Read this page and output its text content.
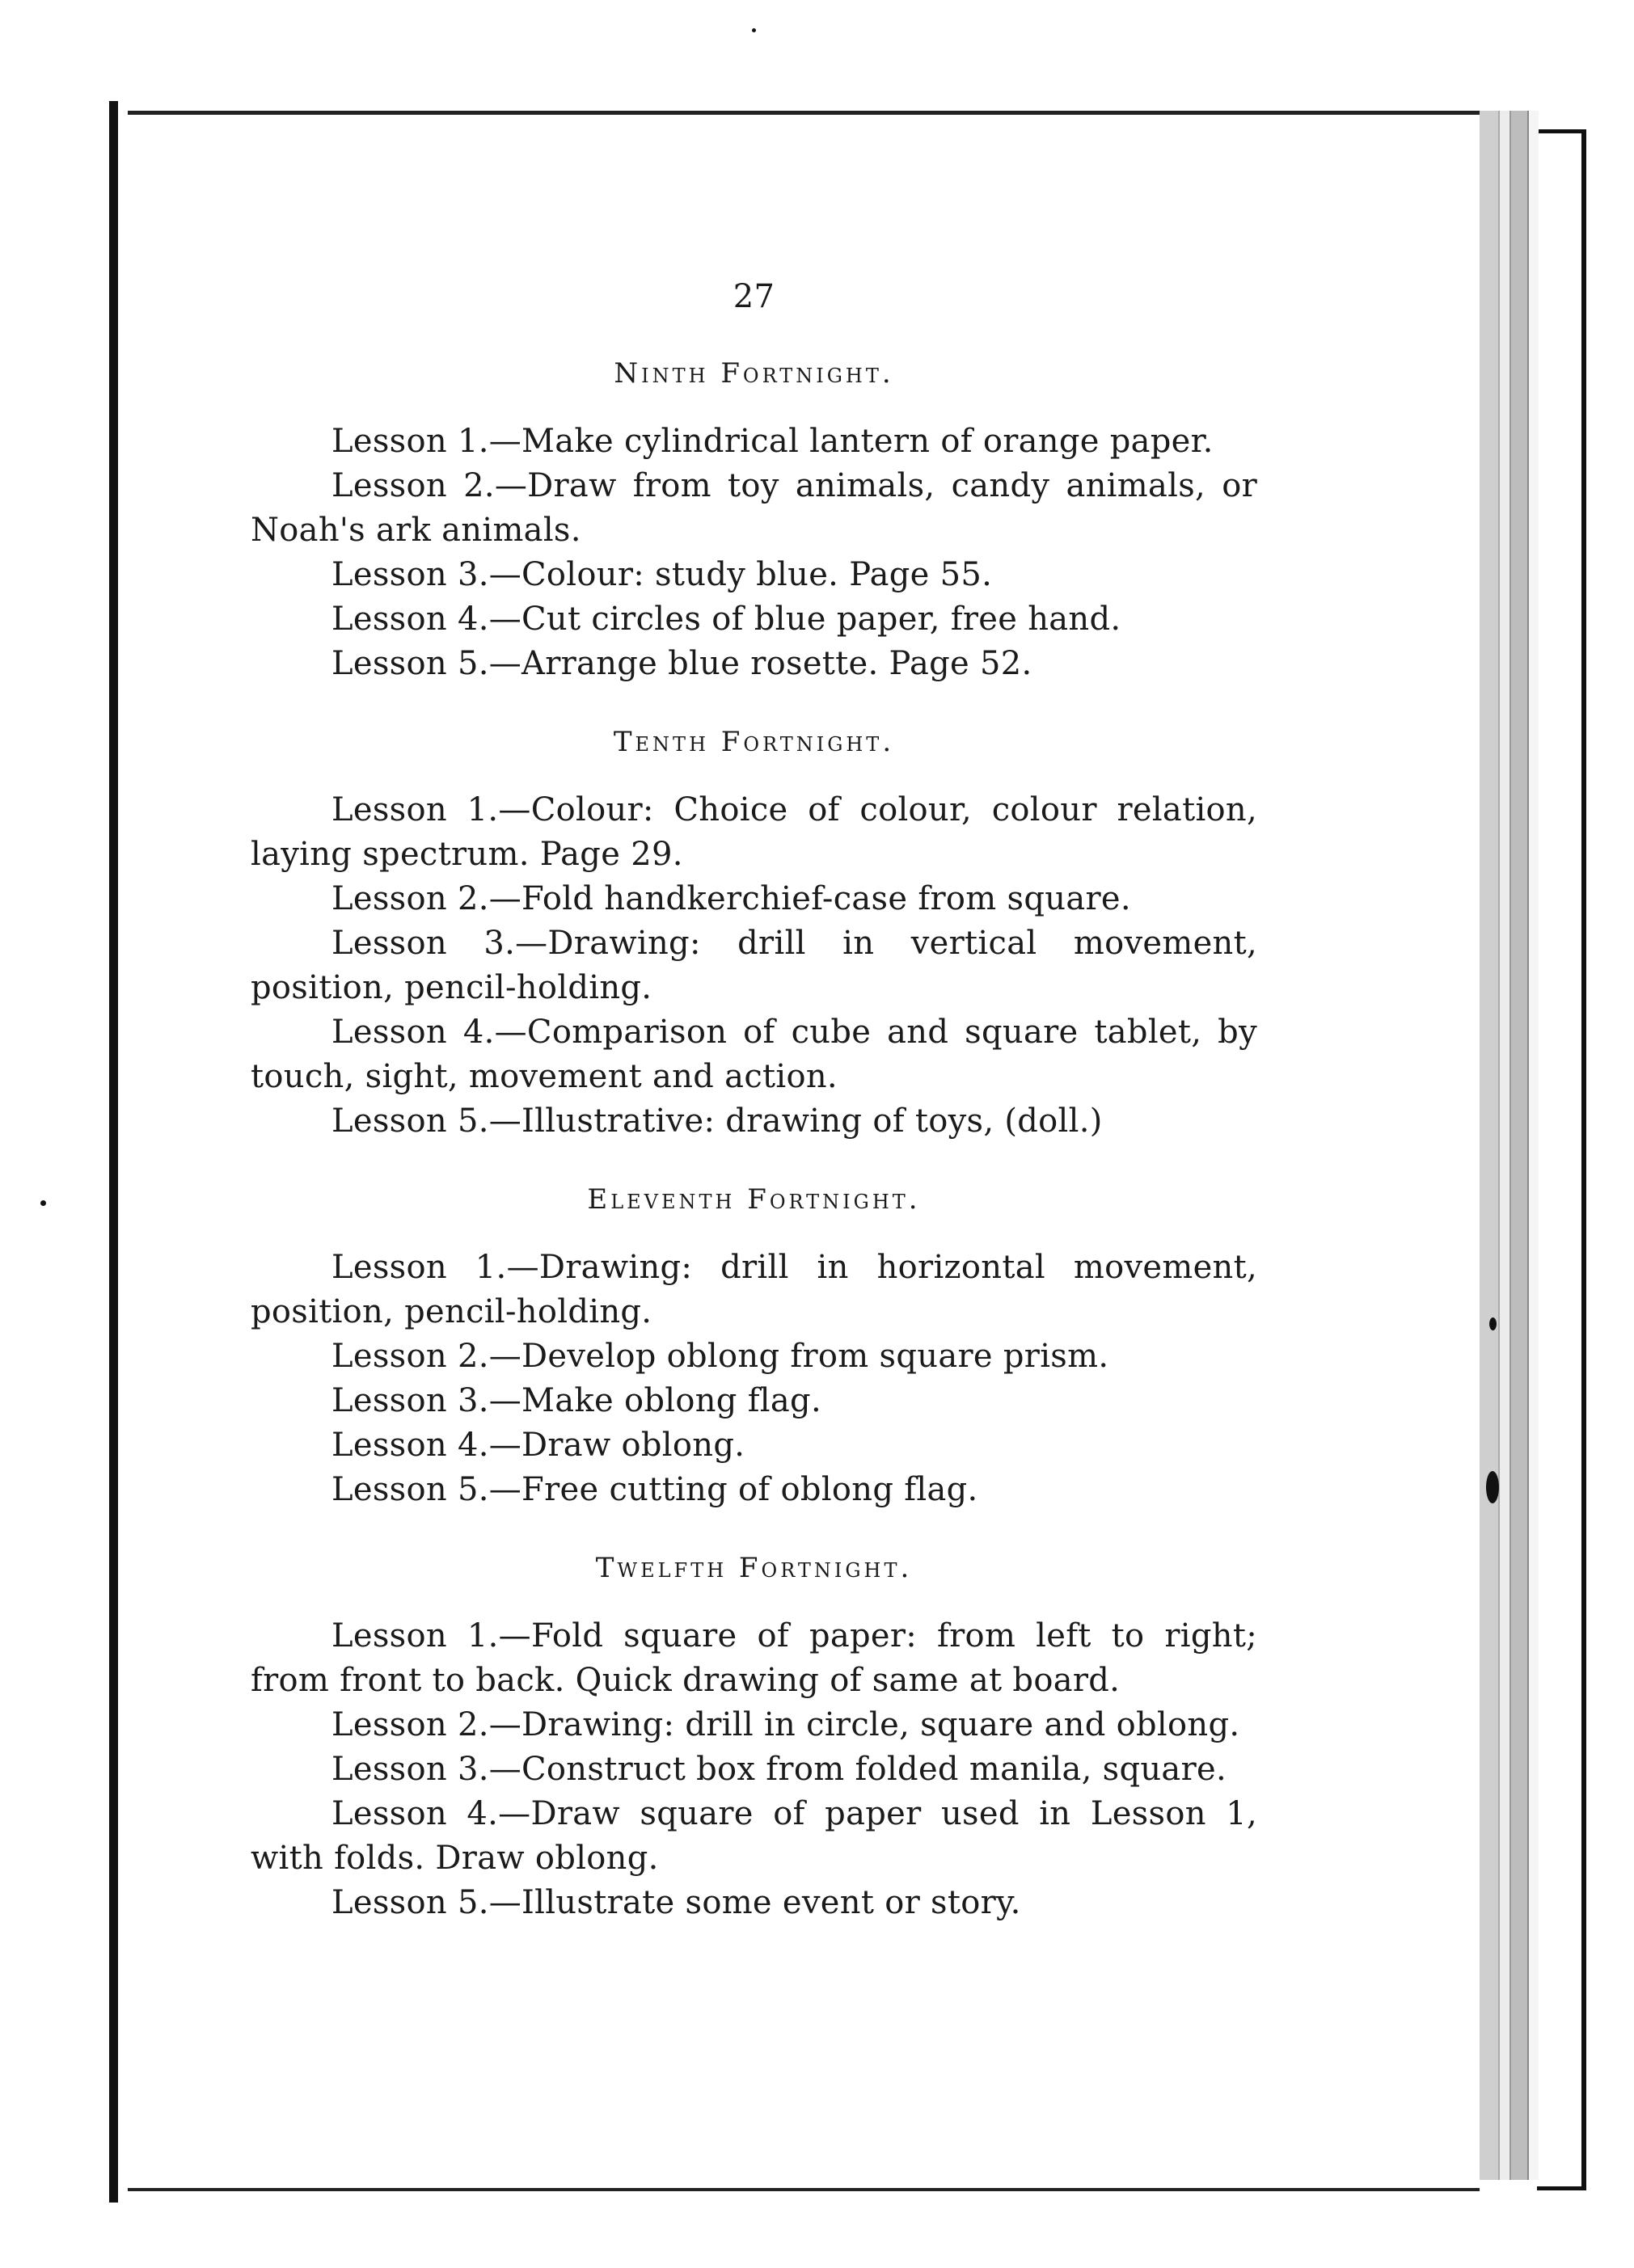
27
Ninth Fortnight.

Lesson 1.—Make cylindrical lantern of orange paper.

Lesson 2.—Draw from toy animals, candy animals, or Noah's ark animals.

Lesson 3.—Colour: study blue. Page 55.

Lesson 4.—Cut circles of blue paper, free hand.

Lesson 5.—Arrange blue rosette. Page 52.

Tenth Fortnight.

Lesson 1.—Colour: Choice of colour, colour relation, laying spectrum. Page 29.

Lesson 2.—Fold handkerchief-case from square.

Lesson 3.—Drawing: drill in vertical movement, position, pencil-holding.

Lesson 4.—Comparison of cube and square tablet, by touch, sight, movement and action.

Lesson 5.—Illustrative: drawing of toys, (doll.)

Eleventh Fortnight.

Lesson 1.—Drawing: drill in horizontal movement, position, pencil-holding.

Lesson 2.—Develop oblong from square prism.

Lesson 3.—Make oblong flag.

Lesson 4.—Draw oblong.

Lesson 5.—Free cutting of oblong flag.

Twelfth Fortnight.

Lesson 1.—Fold square of paper: from left to right; from front to back. Quick drawing of same at board.

Lesson 2.—Drawing: drill in circle, square and oblong.

Lesson 3.—Construct box from folded manila, square.

Lesson 4.—Draw square of paper used in Lesson 1, with folds. Draw oblong.

Lesson 5.—Illustrate some event or story.
